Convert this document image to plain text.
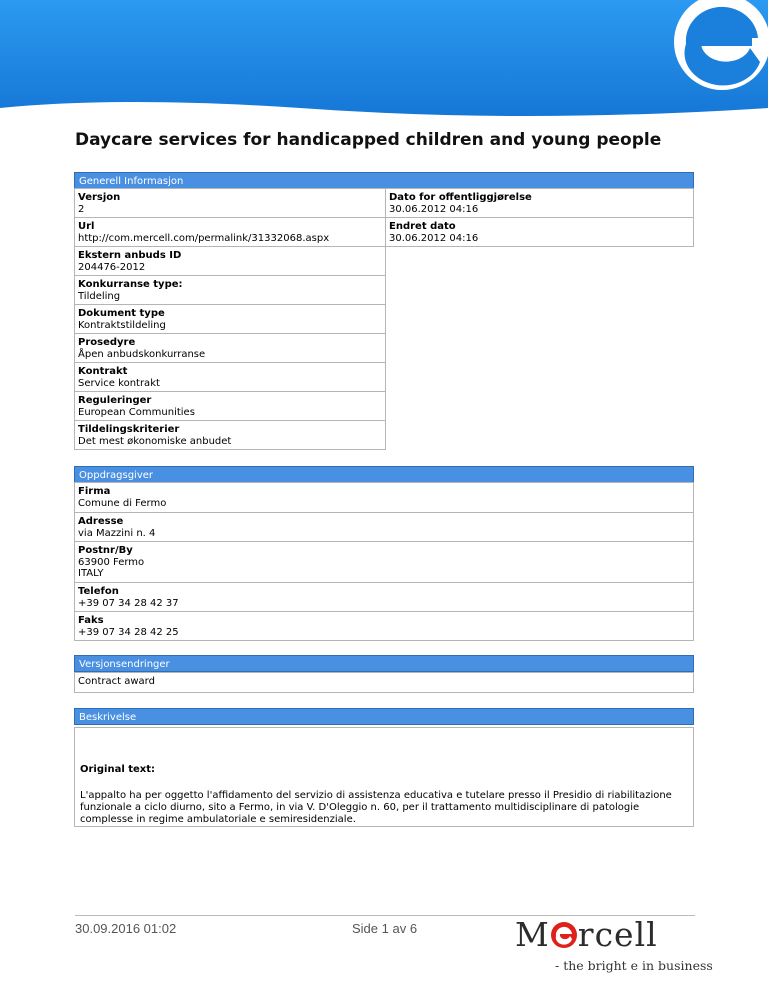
Daycare services for handicapped children and young people
Generell Informasjon
Versjon
2
Dato for offentliggjørelse
30.06.2012 04:16
Url
http://com.mercell.com/permalink/31332068.aspx
Endret dato
30.06.2012 04:16
Ekstern anbuds ID
204476-2012
Konkurranse type:
Tildeling
Dokument type
Kontraktstildeling
Prosedyre
Åpen anbudskonkurranse
Kontrakt
Service kontrakt
Reguleringer
European Communities
Tildelingskriterier
Det mest økonomiske anbudet
Oppdragsgiver
Firma
Comune di Fermo
Adresse
via Mazzini n. 4
Postnr/By
63900 Fermo
ITALY
Telefon
+39 07 34 28 42 37
Faks
+39 07 34 28 42 25
Versjonsendringer
Contract award
Beskrivelse
Original text:
L'appalto ha per oggetto l'affidamento del servizio di assistenza educativa e tutelare presso il Presidio di riabilitazione funzionale a ciclo diurno, sito a Fermo, in via V. D'Oleggio n. 60, per il trattamento multidisciplinare di patologie complesse in regime ambulatoriale e semiresidenziale.
30.09.2016 01:02	Side 1 av 6	M rcell
- the bright e in business
